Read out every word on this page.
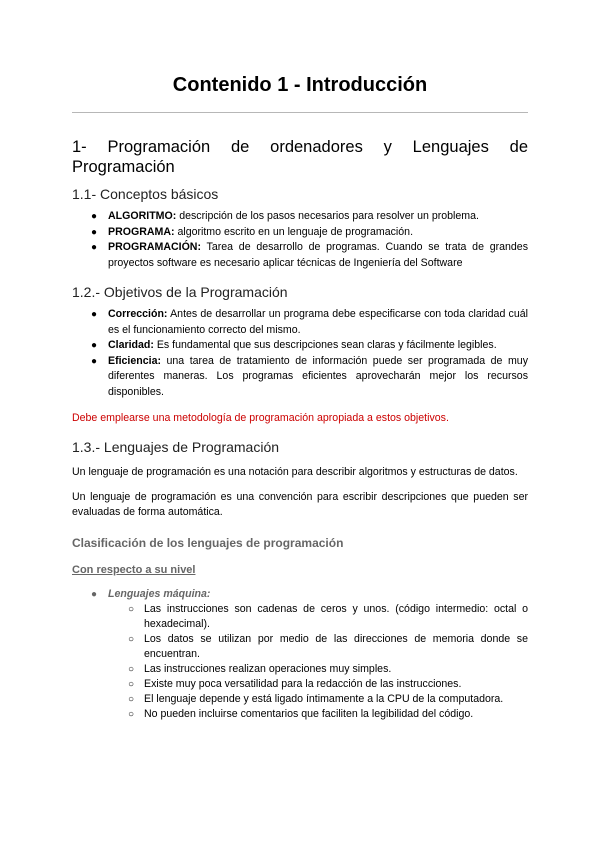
Contenido 1 - Introducción
1- Programación de ordenadores y Lenguajes de Programación
1.1- Conceptos básicos
● ALGORITMO: descripción de los pasos necesarios para resolver un problema.
● PROGRAMA: algoritmo escrito en un lenguaje de programación.
● PROGRAMACIÓN: Tarea de desarrollo de programas. Cuando se trata de grandes proyectos software es necesario aplicar técnicas de Ingeniería del Software
1.2.- Objetivos de la Programación
● Corrección: Antes de desarrollar un programa debe especificarse con toda claridad cuál es el funcionamiento correcto del mismo.
● Claridad: Es fundamental que sus descripciones sean claras y fácilmente legibles.
● Eficiencia: una tarea de tratamiento de información puede ser programada de muy diferentes maneras. Los programas eficientes aprovecharán mejor los recursos disponibles.

Debe emplearse una metodología de programación apropiada a estos objetivos.

1.3.- Lenguajes de Programación

Un lenguaje de programación es una notación para describir algoritmos y estructuras de datos.

Un lenguaje de programación es una convención para escribir descripciones que pueden ser evaluadas de forma automática.

Clasificación de los lenguajes de programación
Con respecto a su nivel
● Lenguajes máquina:
○ Las instrucciones son cadenas de ceros y unos. (código intermedio: octal o hexadecimal).
○ Los datos se utilizan por medio de las direcciones de memoria donde se encuentran.
○ Las instrucciones realizan operaciones muy simples.
○ Existe muy poca versatilidad para la redacción de las instrucciones.
○ El lenguaje depende y está ligado íntimamente a la CPU de la computadora.
○ No pueden incluirse comentarios que faciliten la legibilidad del código.
